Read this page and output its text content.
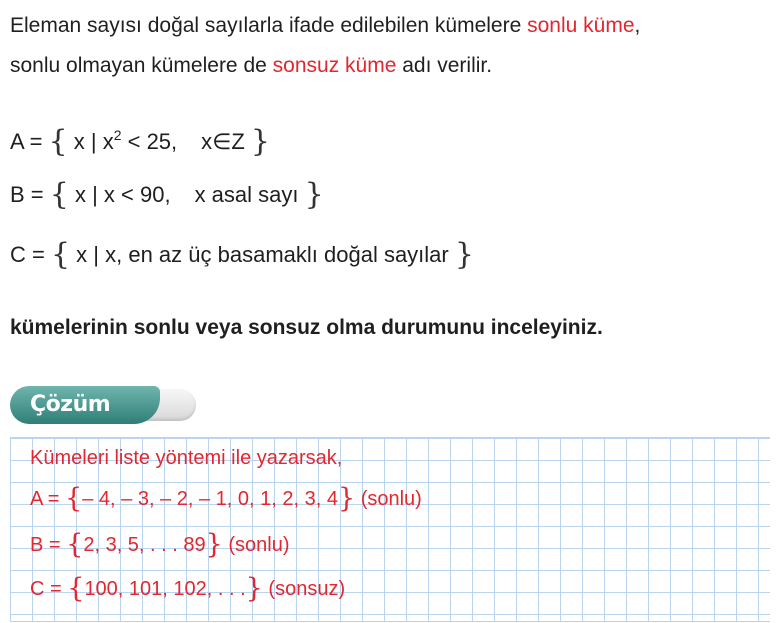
Eleman sayısı doğal sayılarla ifade edilebilen kümelere sonlu küme,
sonlu olmayan kümelere de sonsuz küme adı verilir.
A = { x | $x^2 < 25$, x∈Z }
B = { x | x < 90, x asal sayı }
C = { x | x, en az üç basamaklı doğal sayılar }
kümelerinin sonlu veya sonsuz olma durumunu inceleyiniz.
Çözüm
Kümeleri liste yöntemi ile yazarsak,
A = {– 4, – 3, – 2, – 1, 0, 1, 2, 3, 4} (sonlu)
B = {2, 3, 5, . . . 89} (sonlu)
C = {100, 101, 102, . . .} (sonsuz)
